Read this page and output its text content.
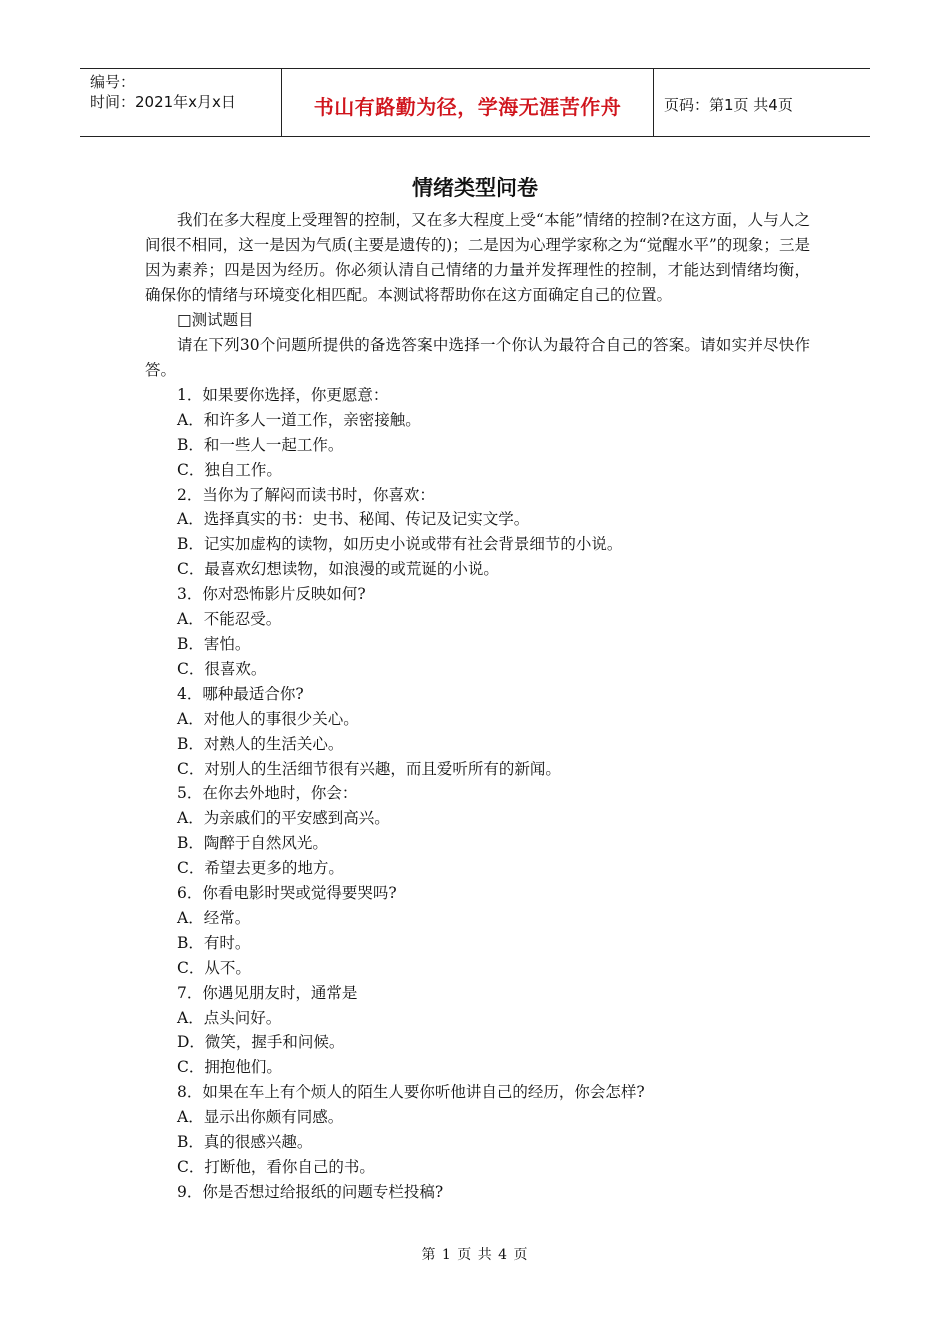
编号：
时间：2021年x月x日	书山有路勤为径，学海无涯苦作舟	页码：第1页 共4页
情绪类型问卷

我们在多大程度上受理智的控制，又在多大程度上受“本能”情绪的控制?在这方面，人与人之间很不相同，这一是因为气质(主要是遗传的)；二是因为心理学家称之为“觉醒水平”的现象；三是因为素养；四是因为经历。你必须认清自己情绪的力量并发挥理性的控制，才能达到情绪均衡，确保你的情绪与环境变化相匹配。本测试将帮助你在这方面确定自己的位置。

□测试题目

请在下列30个问题所提供的备选答案中选择一个你认为最符合自己的答案。请如实并尽快作答。

1．如果要你选择，你更愿意：
A．和许多人一道工作，亲密接触。
B．和一些人一起工作。
C．独自工作。
2．当你为了解闷而读书时，你喜欢：
A．选择真实的书：史书、秘闻、传记及记实文学。
B．记实加虚构的读物，如历史小说或带有社会背景细节的小说。
C．最喜欢幻想读物，如浪漫的或荒诞的小说。
3．你对恐怖影片反映如何?
A．不能忍受。
B．害怕。
C．很喜欢。
4．哪种最适合你?
A．对他人的事很少关心。
B．对熟人的生活关心。
C．对别人的生活细节很有兴趣，而且爱听所有的新闻。
5．在你去外地时，你会：
A．为亲戚们的平安感到高兴。
B．陶醉于自然风光。
C．希望去更多的地方。
6．你看电影时哭或觉得要哭吗?
A．经常。
B．有时。
C．从不。
7．你遇见朋友时，通常是
A．点头问好。
D．微笑，握手和问候。
C．拥抱他们。
8．如果在车上有个烦人的陌生人要你听他讲自己的经历，你会怎样?
A．显示出你颇有同感。
B．真的很感兴趣。
C．打断他，看你自己的书。
9．你是否想过给报纸的问题专栏投稿?
第 1 页 共 4 页
